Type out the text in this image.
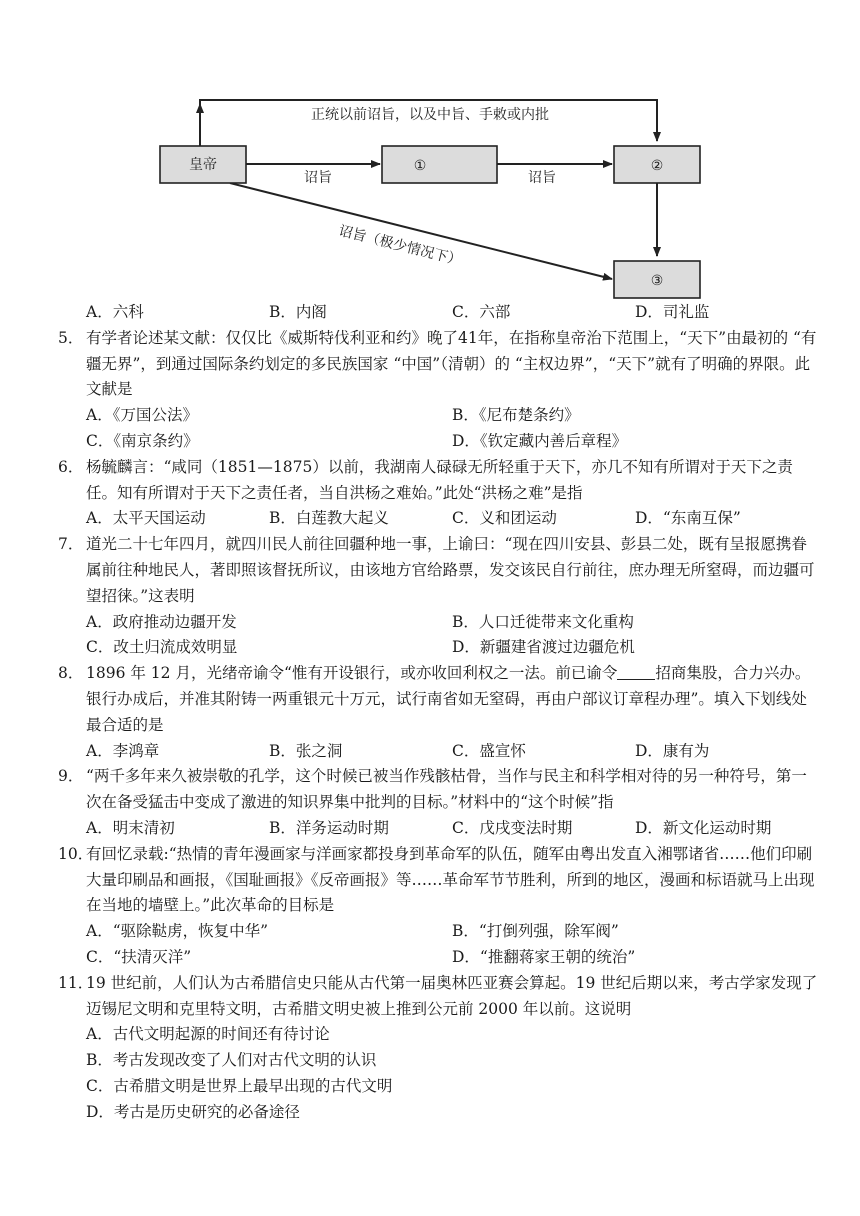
皇帝	①	②
③
正统以前诏旨，以及中旨、手敕或内批
诏旨	诏旨
诏旨（极少情况下）
A．六科	B．内阁	C．六部	D．司礼监
5． 有学者论述某文献：仅仅比《威斯特伐利亚和约》晚了41年，在指称皇帝治下范围上，“天下”由最初的 “有疆无界”，到通过国际条约划定的多民族国家 “中国”（清朝）的 “主权边界”，“天下”就有了明确的界限。此文献是
A．《万国公法》	B．《尼布楚条约》
C．《南京条约》	D．《钦定藏内善后章程》
6． 杨毓麟言：“咸同（1851—1875）以前，我湖南人碌碌无所轻重于天下，亦几不知有所谓对于天下之责任。知有所谓对于天下之责任者，当自洪杨之难始。”此处“洪杨之难”是指
A．太平天国运动	B．白莲教大起义	C．义和团运动	D．“东南互保”
7． 道光二十七年四月，就四川民人前往回疆种地一事，上谕曰：“现在四川安县、彭县二处，既有呈报愿携眷属前往种地民人，著即照该督抚所议，由该地方官给路票，发交该民自行前往，庶办理无所窒碍，而边疆可望招徕。”这表明
A．政府推动边疆开发	B．人口迁徙带来文化重构
C．改土归流成效明显	D．新疆建省渡过边疆危机
8． 1896 年 12 月，光绪帝谕令“惟有开设银行，或亦收回利权之一法。前已谕令 招商集股，合力兴办。银行办成后，并准其附铸一两重银元十万元，试行南省如无窒碍，再由户部议订章程办理”。填入下划线处最合适的是
A．李鸿章	B．张之洞	C．盛宣怀	D．康有为
9． “两千多年来久被崇敬的孔学，这个时候已被当作残骸枯骨，当作与民主和科学相对待的另一种符号，第一次在备受猛击中变成了激进的知识界集中批判的目标。”材料中的“这个时候”指
A．明末清初	B．洋务运动时期	C．戊戌变法时期	D．新文化运动时期
10．
有回忆录载:“热情的青年漫画家与洋画家都投身到革命军的队伍，随军由粤出发直入湘鄂诸省……他们印刷大量印刷品和画报，《国耻画报》《反帝画报》等……革命军节节胜利，所到的地区，漫画和标语就马上出现在当地的墙壁上。”此次革命的目标是
A．“驱除鞑虏，恢复中华”	B．“打倒列强，除军阀”
C．“扶清灭洋”	D．“推翻蒋家王朝的统治”
11．
19 世纪前，人们认为古希腊信史只能从古代第一届奥林匹亚赛会算起。19 世纪后期以来，考古学家发现了迈锡尼文明和克里特文明，古希腊文明史被上推到公元前 2000 年以前。这说明
A．古代文明起源的时间还有待讨论
B．考古发现改变了人们对古代文明的认识
C．古希腊文明是世界上最早出现的古代文明
D．考古是历史研究的必备途径
